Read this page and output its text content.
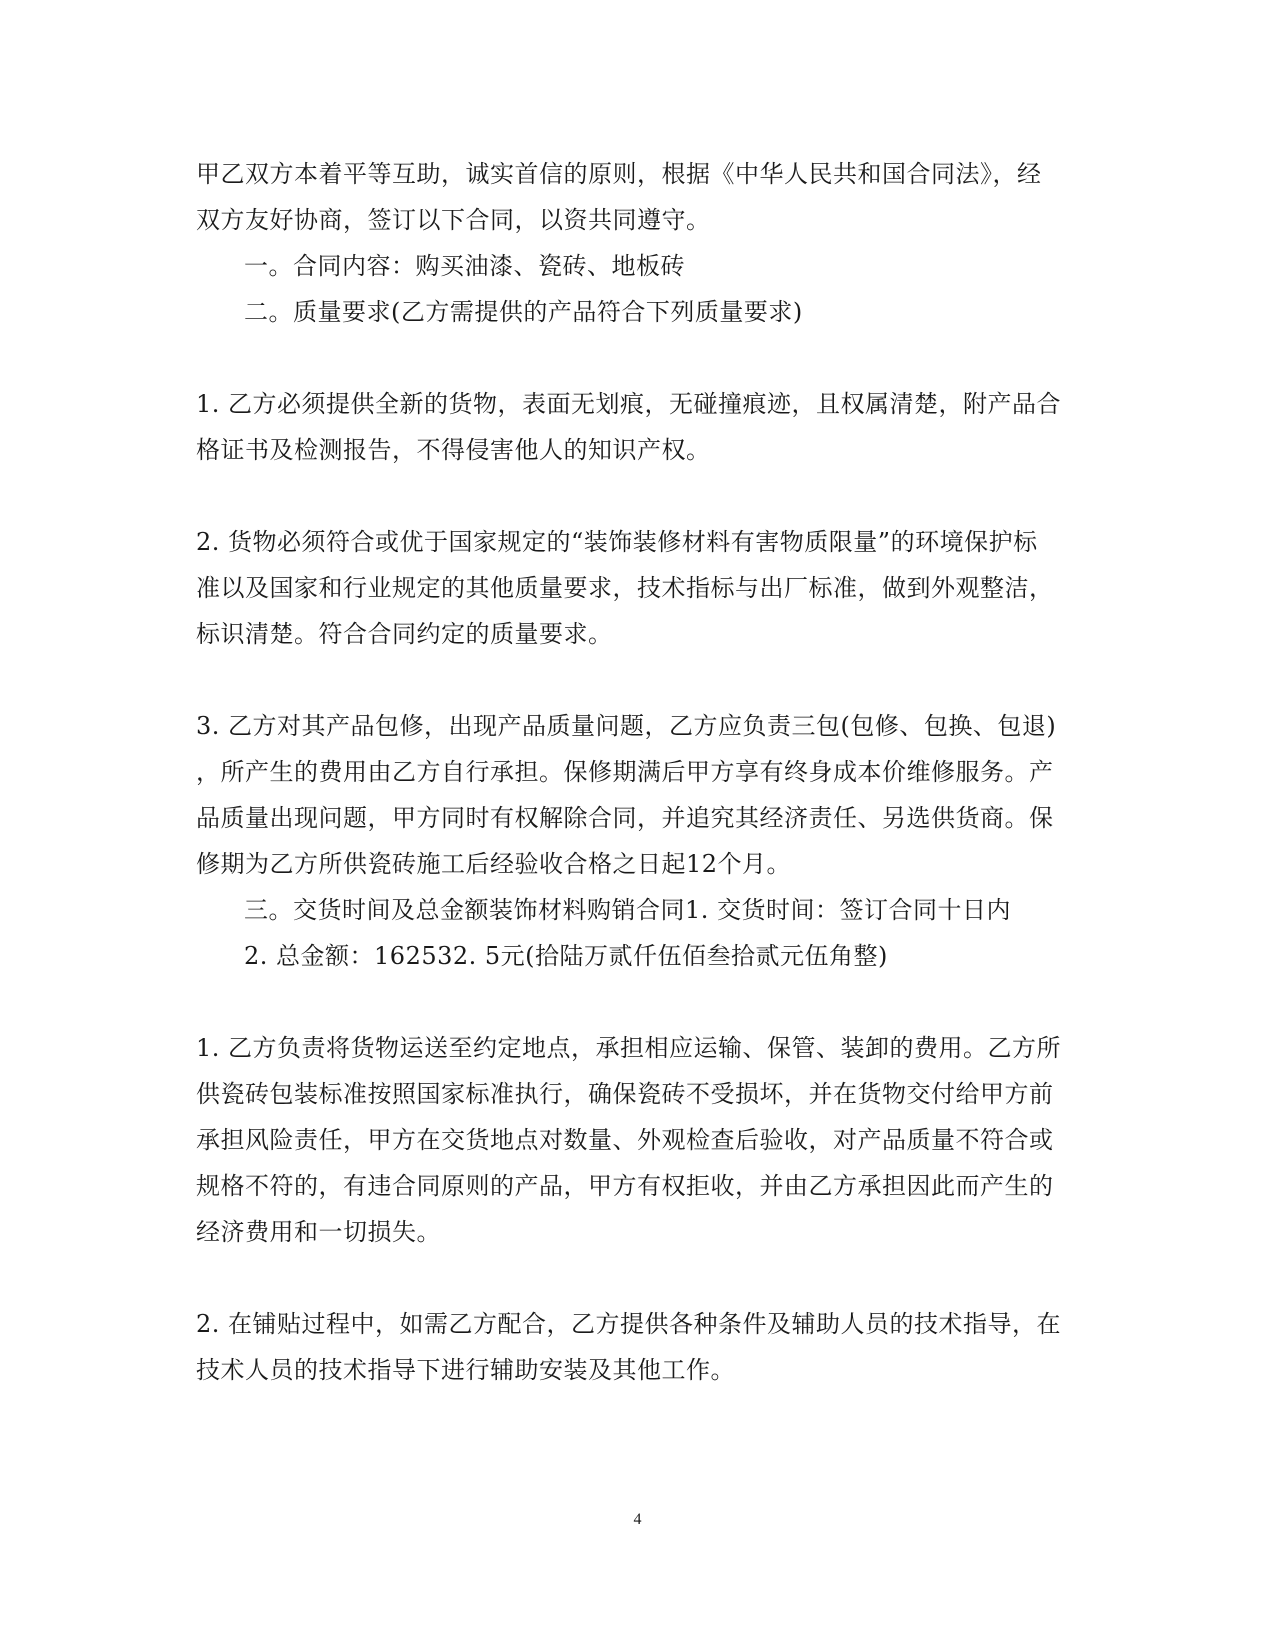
甲乙双方本着平等互助，诚实首信的原则，根据《中华人民共和国合同法》，经
双方友好协商，签订以下合同，以资共同遵守。
一。合同内容：购买油漆、瓷砖、地板砖
二。质量要求(乙方需提供的产品符合下列质量要求)
1. 乙方必须提供全新的货物，表面无划痕，无碰撞痕迹，且权属清楚，附产品合
格证书及检测报告，不得侵害他人的知识产权。
2. 货物必须符合或优于国家规定的“装饰装修材料有害物质限量”的环境保护标
准以及国家和行业规定的其他质量要求，技术指标与出厂标准，做到外观整洁，
标识清楚。符合合同约定的质量要求。
3. 乙方对其产品包修，出现产品质量问题，乙方应负责三包(包修、包换、包退)
，所产生的费用由乙方自行承担。保修期满后甲方享有终身成本价维修服务。产
品质量出现问题，甲方同时有权解除合同，并追究其经济责任、另选供货商。保
修期为乙方所供瓷砖施工后经验收合格之日起12个月。
三。交货时间及总金额装饰材料购销合同1. 交货时间：签订合同十日内
2. 总金额：162532. 5元(拾陆万贰仟伍佰叁拾贰元伍角整)
1. 乙方负责将货物运送至约定地点，承担相应运输、保管、装卸的费用。乙方所
供瓷砖包装标准按照国家标准执行，确保瓷砖不受损坏，并在货物交付给甲方前
承担风险责任，甲方在交货地点对数量、外观检查后验收，对产品质量不符合或
规格不符的，有违合同原则的产品，甲方有权拒收，并由乙方承担因此而产生的
经济费用和一切损失。
2. 在铺贴过程中，如需乙方配合，乙方提供各种条件及辅助人员的技术指导，在
技术人员的技术指导下进行辅助安装及其他工作。
4
